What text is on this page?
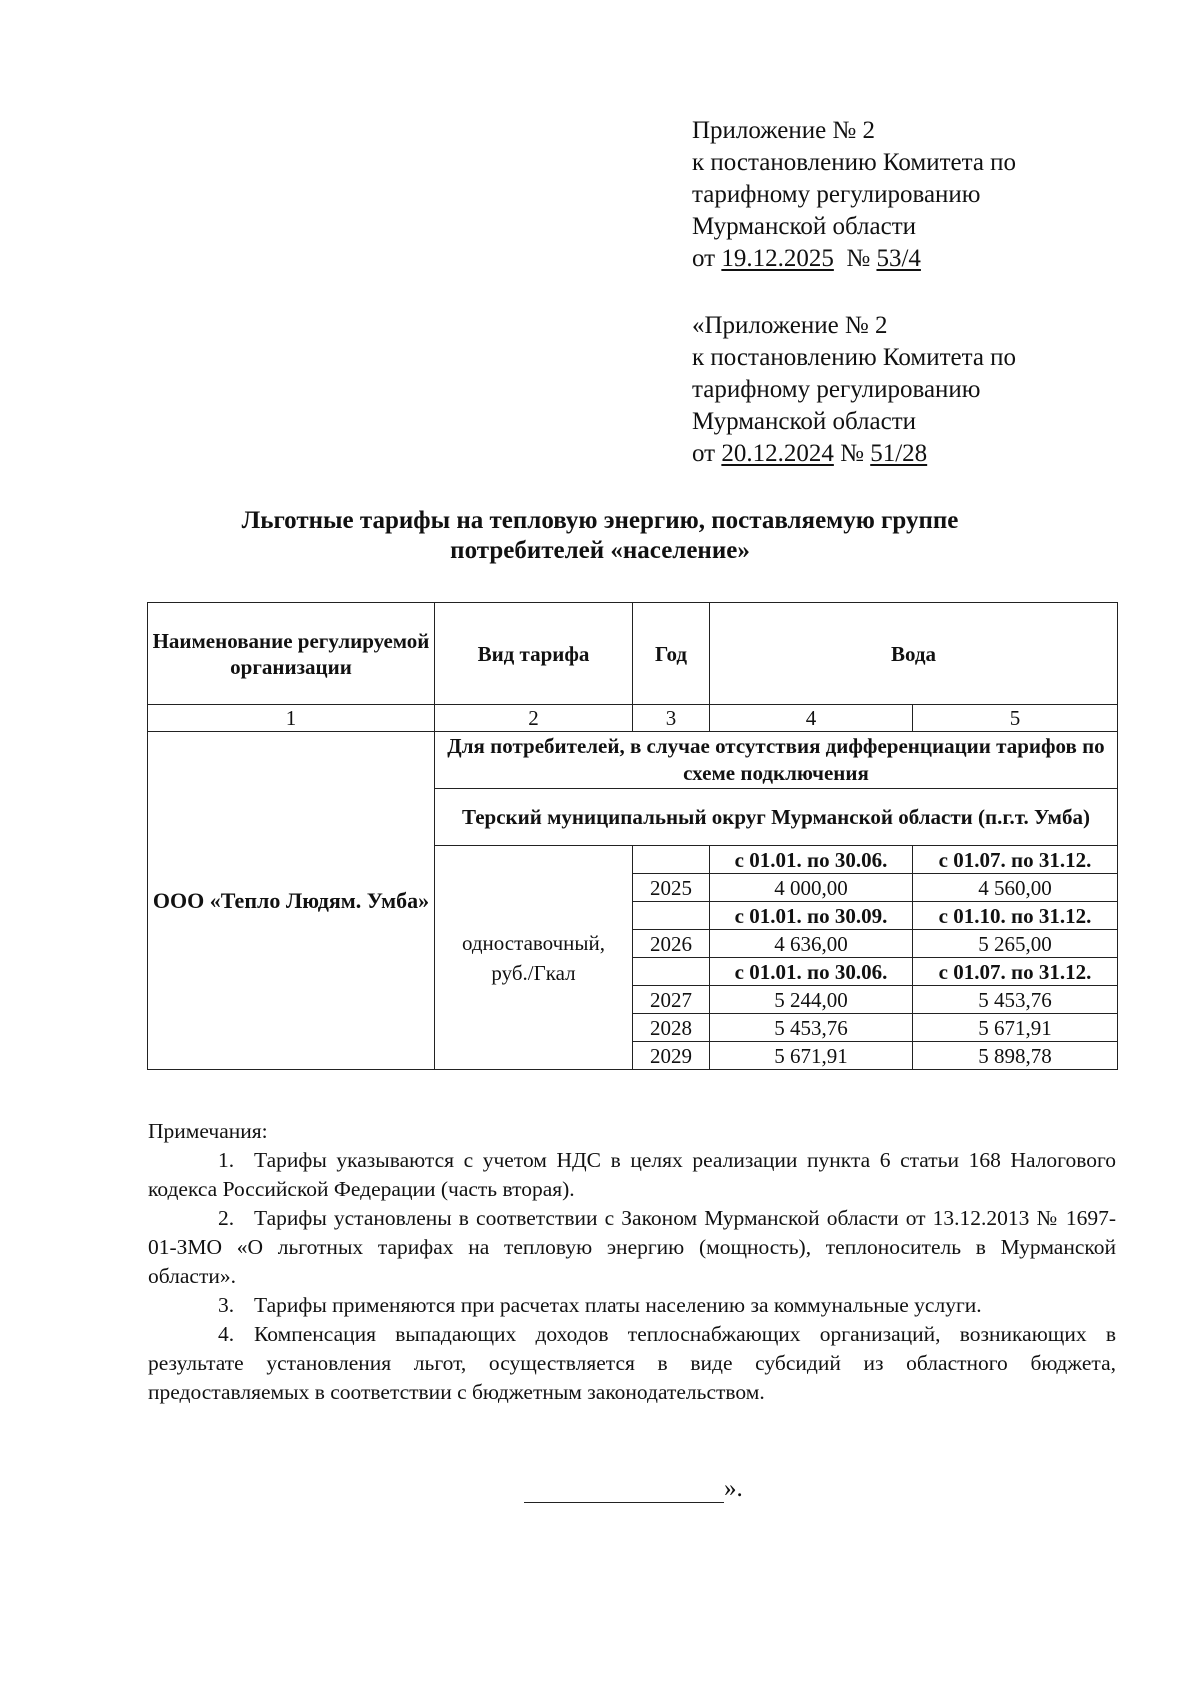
Приложение № 2
к постановлению Комитета по
тарифному регулированию
Мурманской области
от 19.12.2025 № 53/4
«Приложение № 2
к постановлению Комитета по
тарифному регулированию
Мурманской области
от 20.12.2024 № 51/28
Льготные тарифы на тепловую энергию, поставляемую группе
потребителей «население»
Наименование регулируемой организации	Вид тарифа	Год	Вода	
1	2	3	4	5
ООО «Тепло Людям. Умба»	Для потребителей, в случае отсутствия дифференциации тарифов по схеме подключения			
	Терский муниципальный округ Мурманской области (п.г.т. Умба)			
	одноставочный, руб./Гкал		с 01.01. по 30.06.	с 01.07. по 31.12.
		2025	4 000,00	4 560,00
			с 01.01. по 30.09.	с 01.10. по 31.12.
		2026	4 636,00	5 265,00
			с 01.01. по 30.06.	с 01.07. по 31.12.
		2027	5 244,00	5 453,76
		2028	5 453,76	5 671,91
		2029	5 671,91	5 898,78

Примечания:

1. Тарифы указываются с учетом НДС в целях реализации пункта 6 статьи 168 Налогового кодекса Российской Федерации (часть вторая).

2. Тарифы установлены в соответствии с Законом Мурманской области от 13.12.2013 № 1697-01-ЗМО «О льготных тарифах на тепловую энергию (мощность), теплоноситель в Мурманской области».

3. Тарифы применяются при расчетах платы населению за коммунальные услуги.

4. Компенсация выпадающих доходов теплоснабжающих организаций, возникающих в результате установления льгот, осуществляется в виде субсидий из областного бюджета, предоставляемых в соответствии с бюджетным законодательством.

».
